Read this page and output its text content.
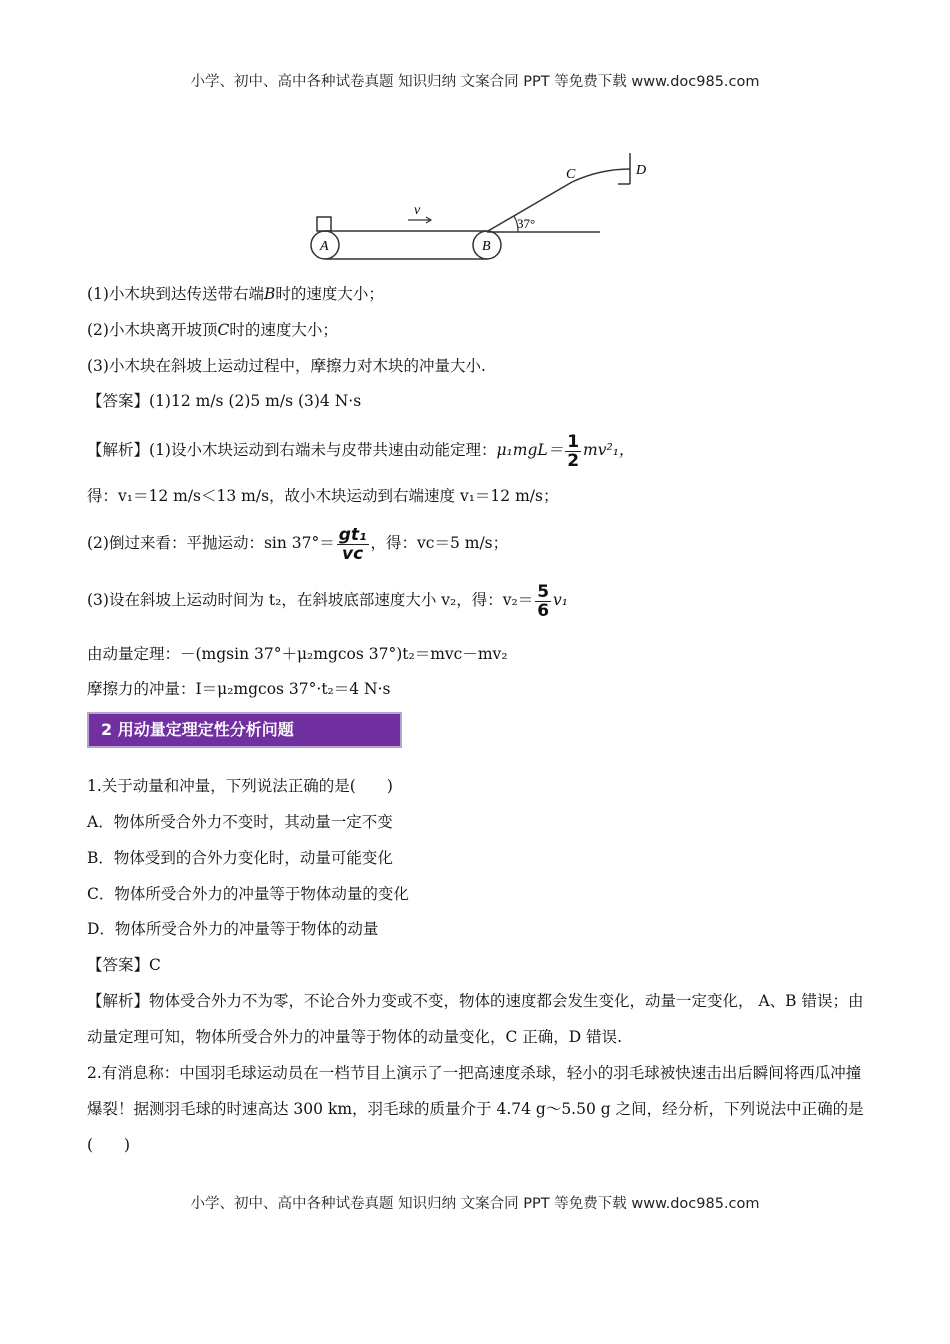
小学、初中、高中各种试卷真题 知识归纳 文案合同 PPT 等免费下载 www.doc985.com
小学、初中、高中各种试卷真题 知识归纳 文案合同 PPT 等免费下载 www.doc985.com
A	B
C	D
v
37°
(1)小木块到达传送带右端B时的速度大小；
(2)小木块离开坡顶C时的速度大小；
(3)小木块在斜坡上运动过程中，摩擦力对木块的冲量大小.
【答案】(1)12 m/s (2)5 m/s (3)4 N·s
【解析】(1)设小木块运动到右端未与皮带共速由动能定理：$\mu_1mgL= \frac{1}{2} mv^2_1$，
得：v₁＝12 m/s＜13 m/s，故小木块运动到右端速度 v₁＝12 m/s；
(2)倒过来看：平抛运动：$\sin 37^\circ= \frac{\text{gt₁}}{vc}$ ，得：vc＝5 m/s；
(3)设在斜坡上运动时间为 t₂，在斜坡底部速度大小 v₂，得：$v_2= \frac{5}{6} v_1$
由动量定理：－(mgsin 37°＋μ₂mgcos 37°)t₂＝mvc－mv₂
摩擦力的冲量：I＝μ₂mgcos 37°·t₂＝4 N·s
2 用动量定理定性分析问题
1.关于动量和冲量，下列说法正确的是(　　)
A．物体所受合外力不变时，其动量一定不变
B．物体受到的合外力变化时，动量可能变化
C．物体所受合外力的冲量等于物体动量的变化
D．物体所受合外力的冲量等于物体的动量
【答案】C
【解析】物体受合外力不为零，不论合外力变或不变，物体的速度都会发生变化，动量一定变化， A、B 错误；由动量定理可知，物体所受合外力的冲量等于物体的动量变化，C 正确，D 错误.
2.有消息称：中国羽毛球运动员在一档节目上演示了一把高速度杀球，轻小的羽毛球被快速击出后瞬间将西瓜冲撞爆裂！据测羽毛球的时速高达 300 km，羽毛球的质量介于 4.74 g～5.50 g 之间，经分析，下列说法中正确的是(　　)
